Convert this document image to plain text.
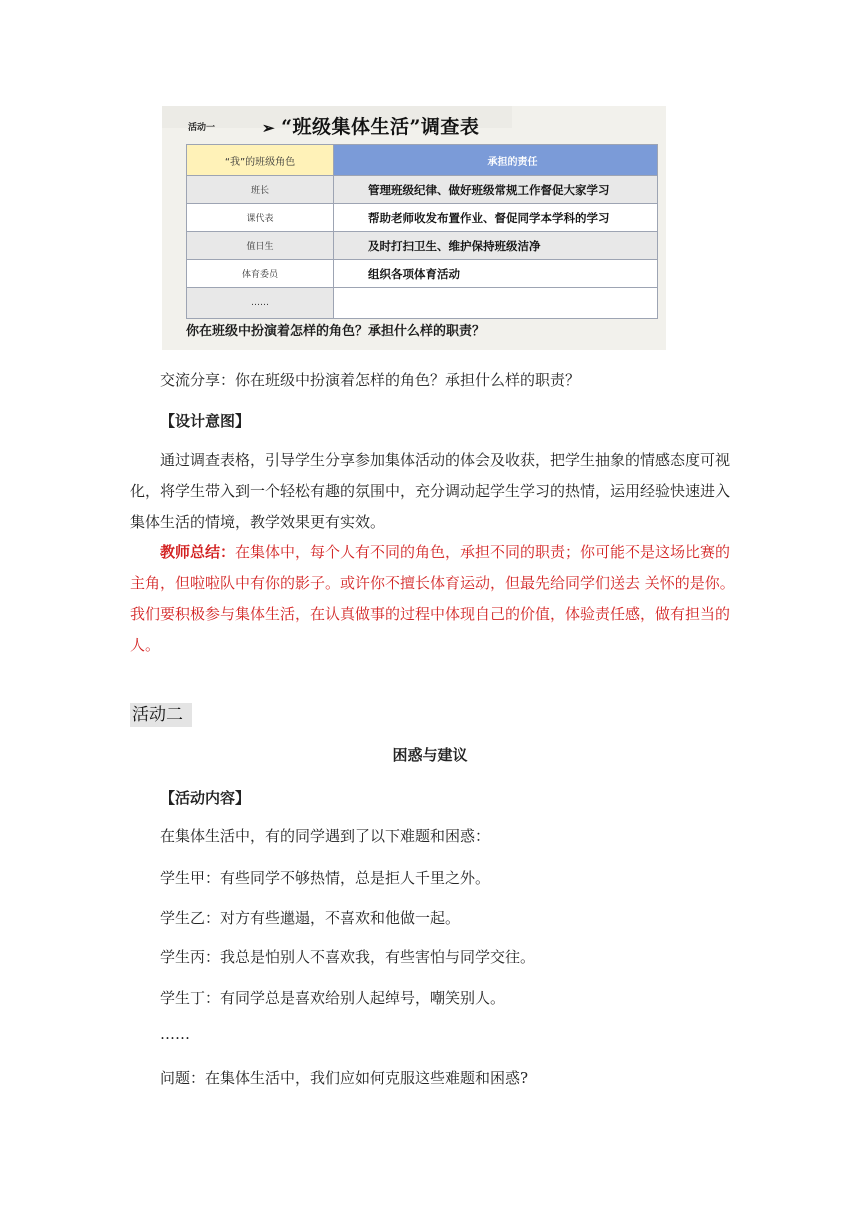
活动一	➢ “班级集体生活”调查表
“我”的班级角色	承担的责任
班长	管理班级纪律、做好班级常规工作督促大家学习
课代表	帮助老师收发布置作业、督促同学本学科的学习
值日生	及时打扫卫生、维护保持班级洁净
体育委员	组织各项体育活动
……	
你在班级中扮演着怎样的角色？承担什么样的职责？

交流分享：你在班级中扮演着怎样的角色？承担什么样的职责？

【设计意图】

通过调查表格，引导学生分享参加集体活动的体会及收获，把学生抽象的情感态度可视化，将学生带入到一个轻松有趣的氛围中，充分调动起学生学习的热情，运用经验快速进入集体生活的情境，教学效果更有实效。

教师总结：在集体中，每个人有不同的角色，承担不同的职责；你可能不是这场比赛的主角，但啦啦队中有你的影子。或许你不擅长体育运动，但最先给同学们送去 关怀的是你。我们要积极参与集体生活，在认真做事的过程中体现自己的价值，体验责任感，做有担当的人。

活动二
困惑与建议
【活动内容】

在集体生活中，有的同学遇到了以下难题和困惑：

学生甲：有些同学不够热情，总是拒人千里之外。

学生乙：对方有些邋遢，不喜欢和他做一起。

学生丙：我总是怕别人不喜欢我，有些害怕与同学交往。

学生丁：有同学总是喜欢给别人起绰号，嘲笑别人。

……

问题：在集体生活中，我们应如何克服这些难题和困惑?
